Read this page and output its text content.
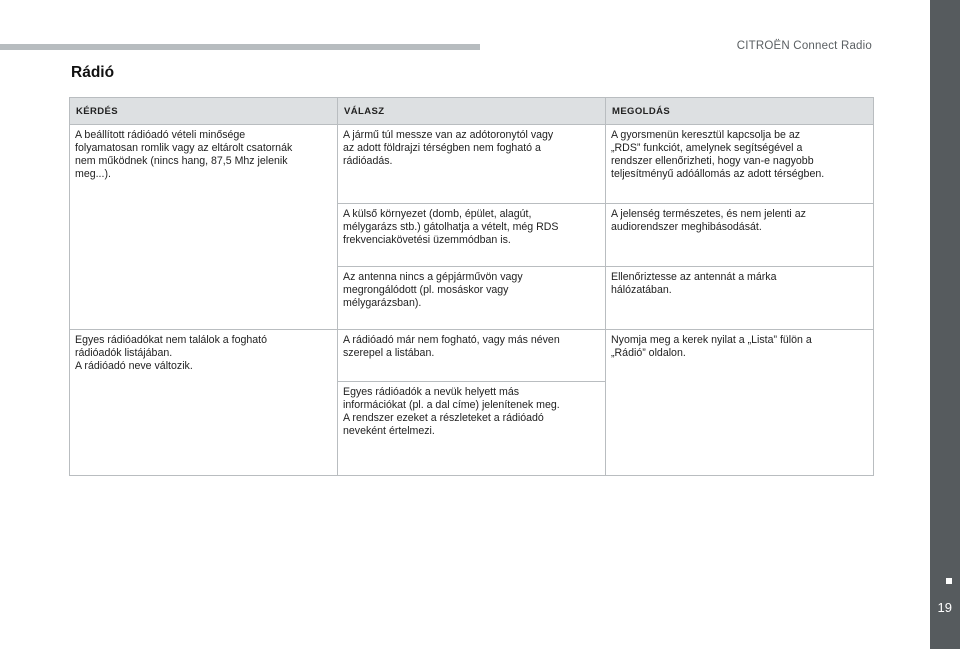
CITROËN Connect Radio
19
Rádió
KÉRDÉS	VÁLASZ	MEGOLDÁS

A beállított rádióadó vételi minősége
folyamatosan romlik vagy az eltárolt csatornák
nem működnek (nincs hang, 87,5 Mhz jelenik
meg...).	A jármű túl messze van az adótoronytól vagy
az adott földrajzi térségben nem fogható a
rádióadás.	A gyorsmenün keresztül kapcsolja be az
„RDS” funkciót, amelynek segítségével a
rendszer ellenőrizheti, hogy van-e nagyobb
teljesítményű adóállomás az adott térségben.

	A külső környezet (domb, épület, alagút,
mélygarázs stb.) gátolhatja a vételt, még RDS
frekvenciakövetési üzemmódban is.	A jelenség természetes, és nem jelenti az
audiorendszer meghibásodását.

	Az antenna nincs a gépjárművön vagy
megrongálódott (pl. mosáskor vagy
mélygarázsban).	Ellenőriztesse az antennát a márka
hálózatában.

Egyes rádióadókat nem találok a fogható
rádióadók listájában.
A rádióadó neve változik.	A rádióadó már nem fogható, vagy más néven
szerepel a listában.	Nyomja meg a kerek nyilat a „Lista” fülön a
„Rádió” oldalon.

	Egyes rádióadók a nevük helyett más
információkat (pl. a dal címe) jelenítenek meg.
A rendszer ezeket a részleteket a rádióadó
neveként értelmezi.	
